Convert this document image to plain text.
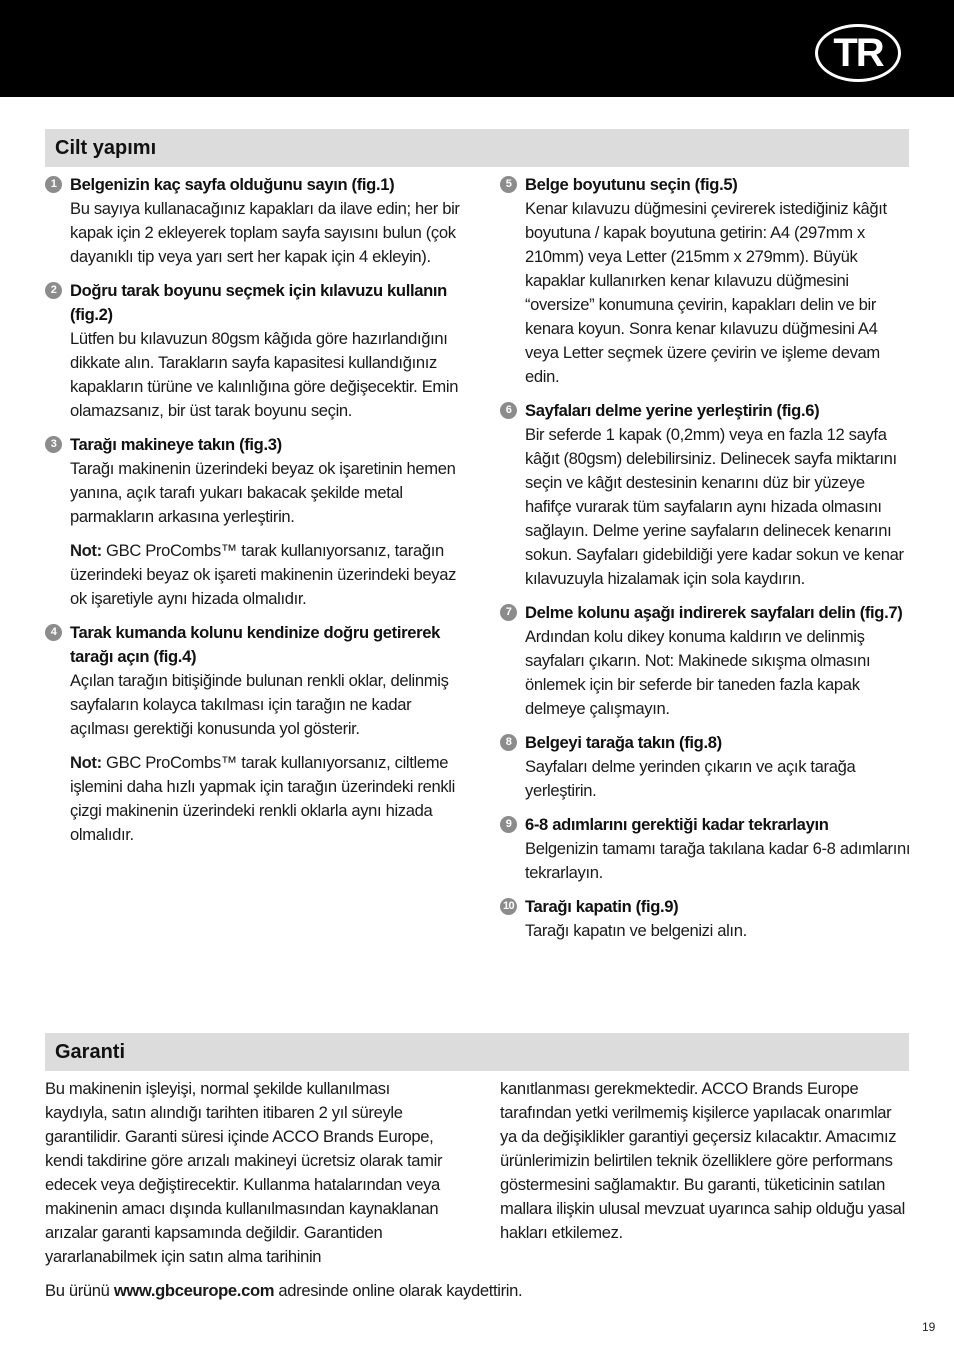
TR
Cilt yapımı
1 Belgenizin kaç sayfa olduğunu sayın (fig.1)
Bu sayıya kullanacağınız kapakları da ilave edin; her bir kapak için 2 ekleyerek toplam sayfa sayısını bulun (çok dayanıklı tip veya yarı sert her kapak için 4 ekleyin).
2 Doğru tarak boyunu seçmek için kılavuzu kullanın (fig.2)
Lütfen bu kılavuzun 80gsm kâğıda göre hazırlandığını dikkate alın. Tarakların sayfa kapasitesi kullandığınız kapakların türüne ve kalınlığına göre değişecektir. Emin olamazsanız, bir üst tarak boyunu seçin.
3 Tarağı makineye takın (fig.3)
Tarağı makinenin üzerindeki beyaz ok işaretinin hemen yanına, açık tarafı yukarı bakacak şekilde metal parmakların arkasına yerleştirin.
Not: GBC ProCombs™ tarak kullanıyorsanız, tarağın üzerindeki beyaz ok işareti makinenin üzerindeki beyaz ok işaretiyle aynı hizada olmalıdır.
4 Tarak kumanda kolunu kendinize doğru getirerek tarağı açın (fig.4)
Açılan tarağın bitişiğinde bulunan renkli oklar, delinmiş sayfaların kolayca takılması için tarağın ne kadar açılması gerektiği konusunda yol gösterir.
Not: GBC ProCombs™ tarak kullanıyorsanız, ciltleme işlemini daha hızlı yapmak için tarağın üzerindeki renkli çizgi makinenin üzerindeki renkli oklarla aynı hizada olmalıdır.
5 Belge boyutunu seçin (fig.5)
Kenar kılavuzu düğmesini çevirerek istediğiniz kâğıt boyutuna / kapak boyutuna getirin: A4 (297mm x 210mm) veya Letter (215mm x 279mm). Büyük kapaklar kullanırken kenar kılavuzu düğmesini “oversize” konumuna çevirin, kapakları delin ve bir kenara koyun. Sonra kenar kılavuzu düğmesini A4 veya Letter seçmek üzere çevirin ve işleme devam edin.
6 Sayfaları delme yerine yerleştirin (fig.6)
Bir seferde 1 kapak (0,2mm) veya en fazla 12 sayfa kâğıt (80gsm) delebilirsiniz. Delinecek sayfa miktarını seçin ve kâğıt destesinin kenarını düz bir yüzeye hafifçe vurarak tüm sayfaların aynı hizada olmasını sağlayın. Delme yerine sayfaların delinecek kenarını sokun. Sayfaları gidebildiği yere kadar sokun ve kenar kılavuzuyla hizalamak için sola kaydırın.
7 Delme kolunu aşağı indirerek sayfaları delin (fig.7)
Ardından kolu dikey konuma kaldırın ve delinmiş sayfaları çıkarın. Not: Makinede sıkışma olmasını önlemek için bir seferde bir taneden fazla kapak delmeye çalışmayın.
8 Belgeyi tarağa takın (fig.8)
Sayfaları delme yerinden çıkarın ve açık tarağa yerleştirin.
9 6-8 adımlarını gerektiği kadar tekrarlayın
Belgenizin tamamı tarağa takılana kadar 6-8 adımlarını tekrarlayın.
10 Tarağı kapatin (fig.9)
Tarağı kapatın ve belgenizi alın.
Garanti

Bu makinenin işleyişi, normal şekilde kullanılması kaydıyla, satın alındığı tarihten itibaren 2 yıl süreyle garantilidir. Garanti süresi içinde ACCO Brands Europe, kendi takdirine göre arızalı makineyi ücretsiz olarak tamir edecek veya değiştirecektir. Kullanma hatalarından veya makinenin amacı dışında kullanılmasından kaynaklanan arızalar garanti kapsamında değildir. Garantiden yararlanabilmek için satın alma tarihinin

kanıtlanması gerekmektedir. ACCO Brands Europe tarafından yetki verilmemiş kişilerce yapılacak onarımlar ya da değişiklikler garantiyi geçersiz kılacaktır. Amacımız ürünlerimizin belirtilen teknik özelliklere göre performans göstermesini sağlamaktır. Bu garanti, tüketicinin satılan mallara ilişkin ulusal mevzuat uyarınca sahip olduğu yasal hakları etkilemez.

Bu ürünü www.gbceurope.com adresinde online olarak kaydettirin.
19
